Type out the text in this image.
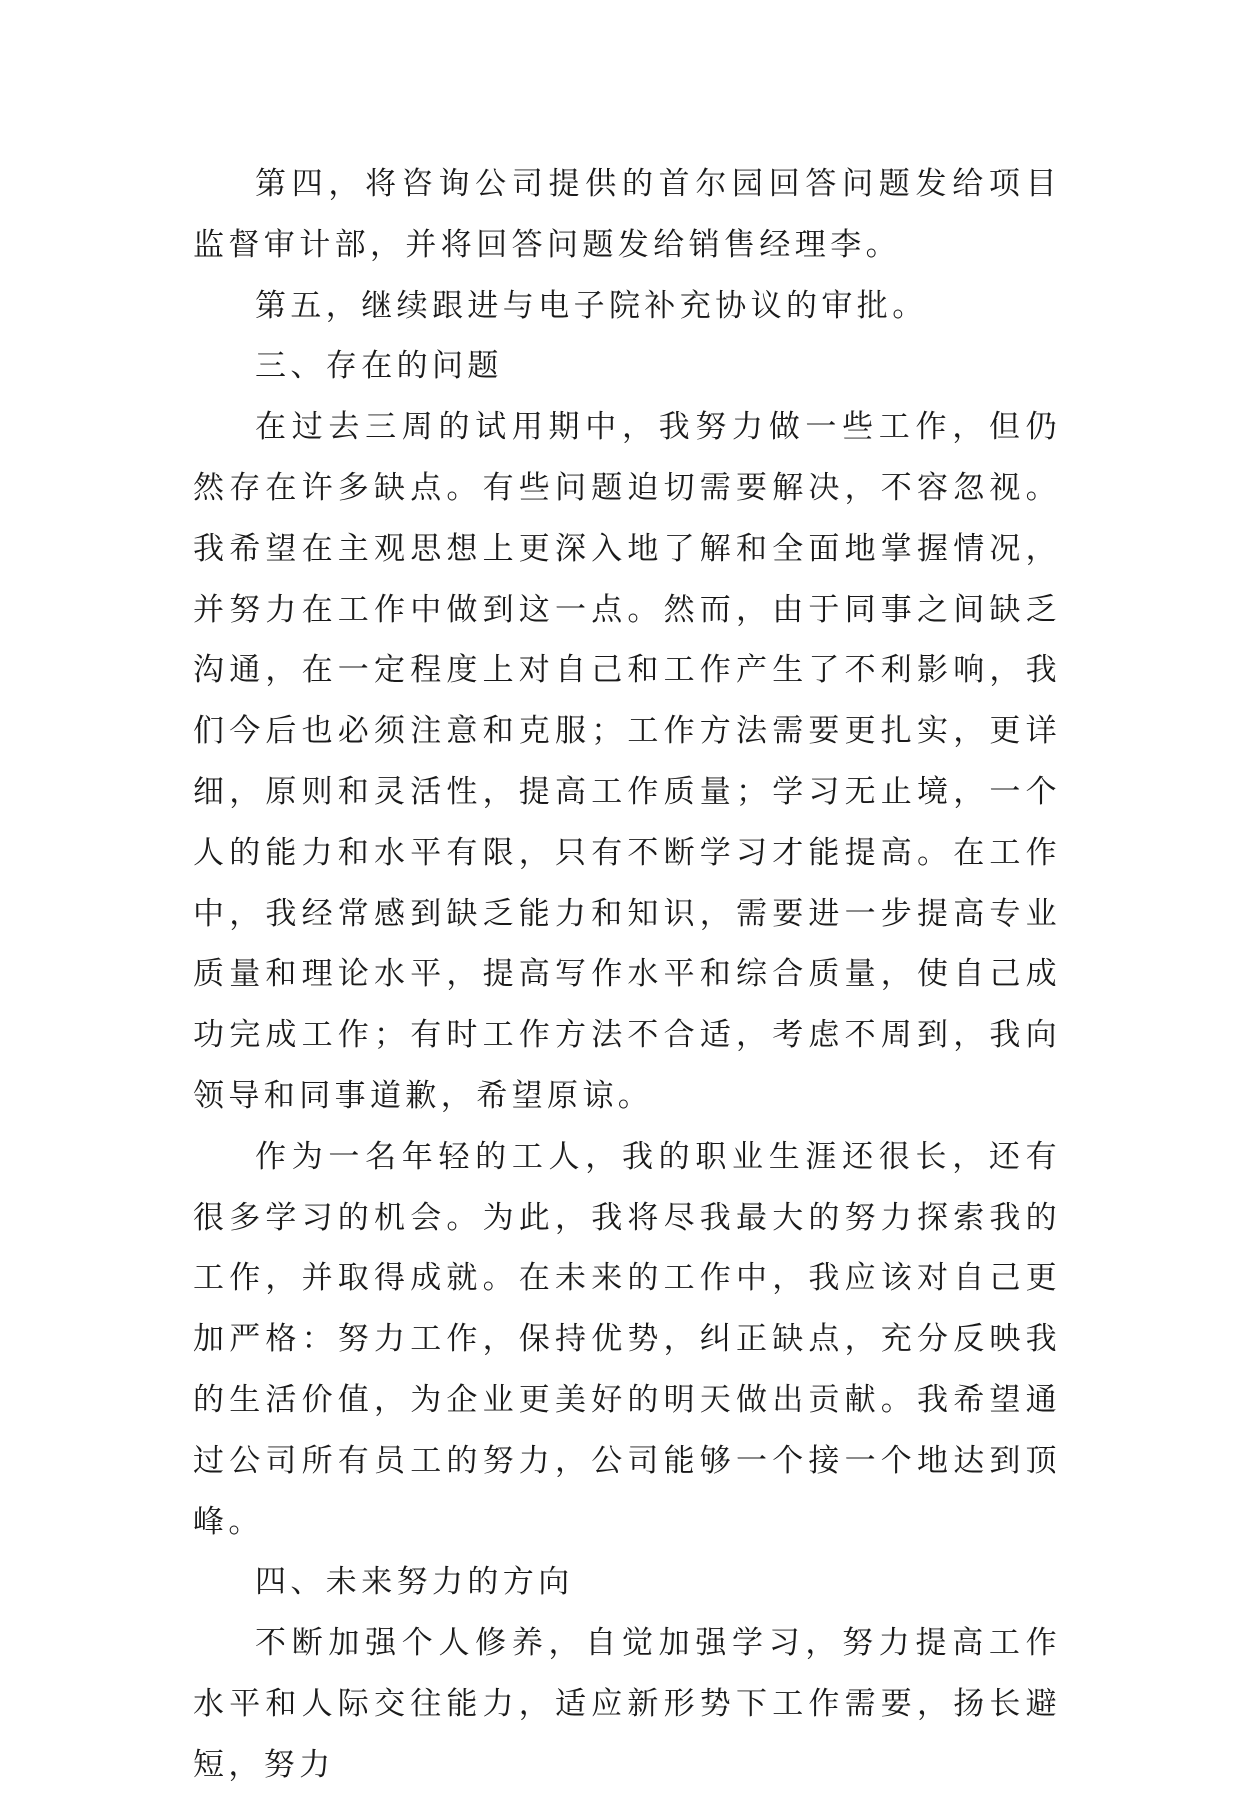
第四，将咨询公司提供的首尔园回答问题发给项目监督审计部，并将回答问题发给销售经理李。

第五，继续跟进与电子院补充协议的审批。

三、存在的问题

在过去三周的试用期中，我努力做一些工作，但仍然存在许多缺点。有些问题迫切需要解决，不容忽视。我希望在主观思想上更深入地了解和全面地掌握情况，并努力在工作中做到这一点。然而，由于同事之间缺乏沟通，在一定程度上对自己和工作产生了不利影响，我们今后也必须注意和克服；工作方法需要更扎实，更详细，原则和灵活性，提高工作质量；学习无止境，一个人的能力和水平有限，只有不断学习才能提高。在工作中，我经常感到缺乏能力和知识，需要进一步提高专业质量和理论水平，提高写作水平和综合质量，使自己成功完成工作；有时工作方法不合适，考虑不周到，我向领导和同事道歉，希望原谅。

作为一名年轻的工人，我的职业生涯还很长，还有很多学习的机会。为此，我将尽我最大的努力探索我的工作，并取得成就。在未来的工作中，我应该对自己更加严格：努力工作，保持优势，纠正缺点，充分反映我的生活价值，为企业更美好的明天做出贡献。我希望通过公司所有员工的努力，公司能够一个接一个地达到顶峰。

四、未来努力的方向

不断加强个人修养，自觉加强学习，努力提高工作水平和人际交往能力，适应新形势下工作需要，扬长避短，努力
